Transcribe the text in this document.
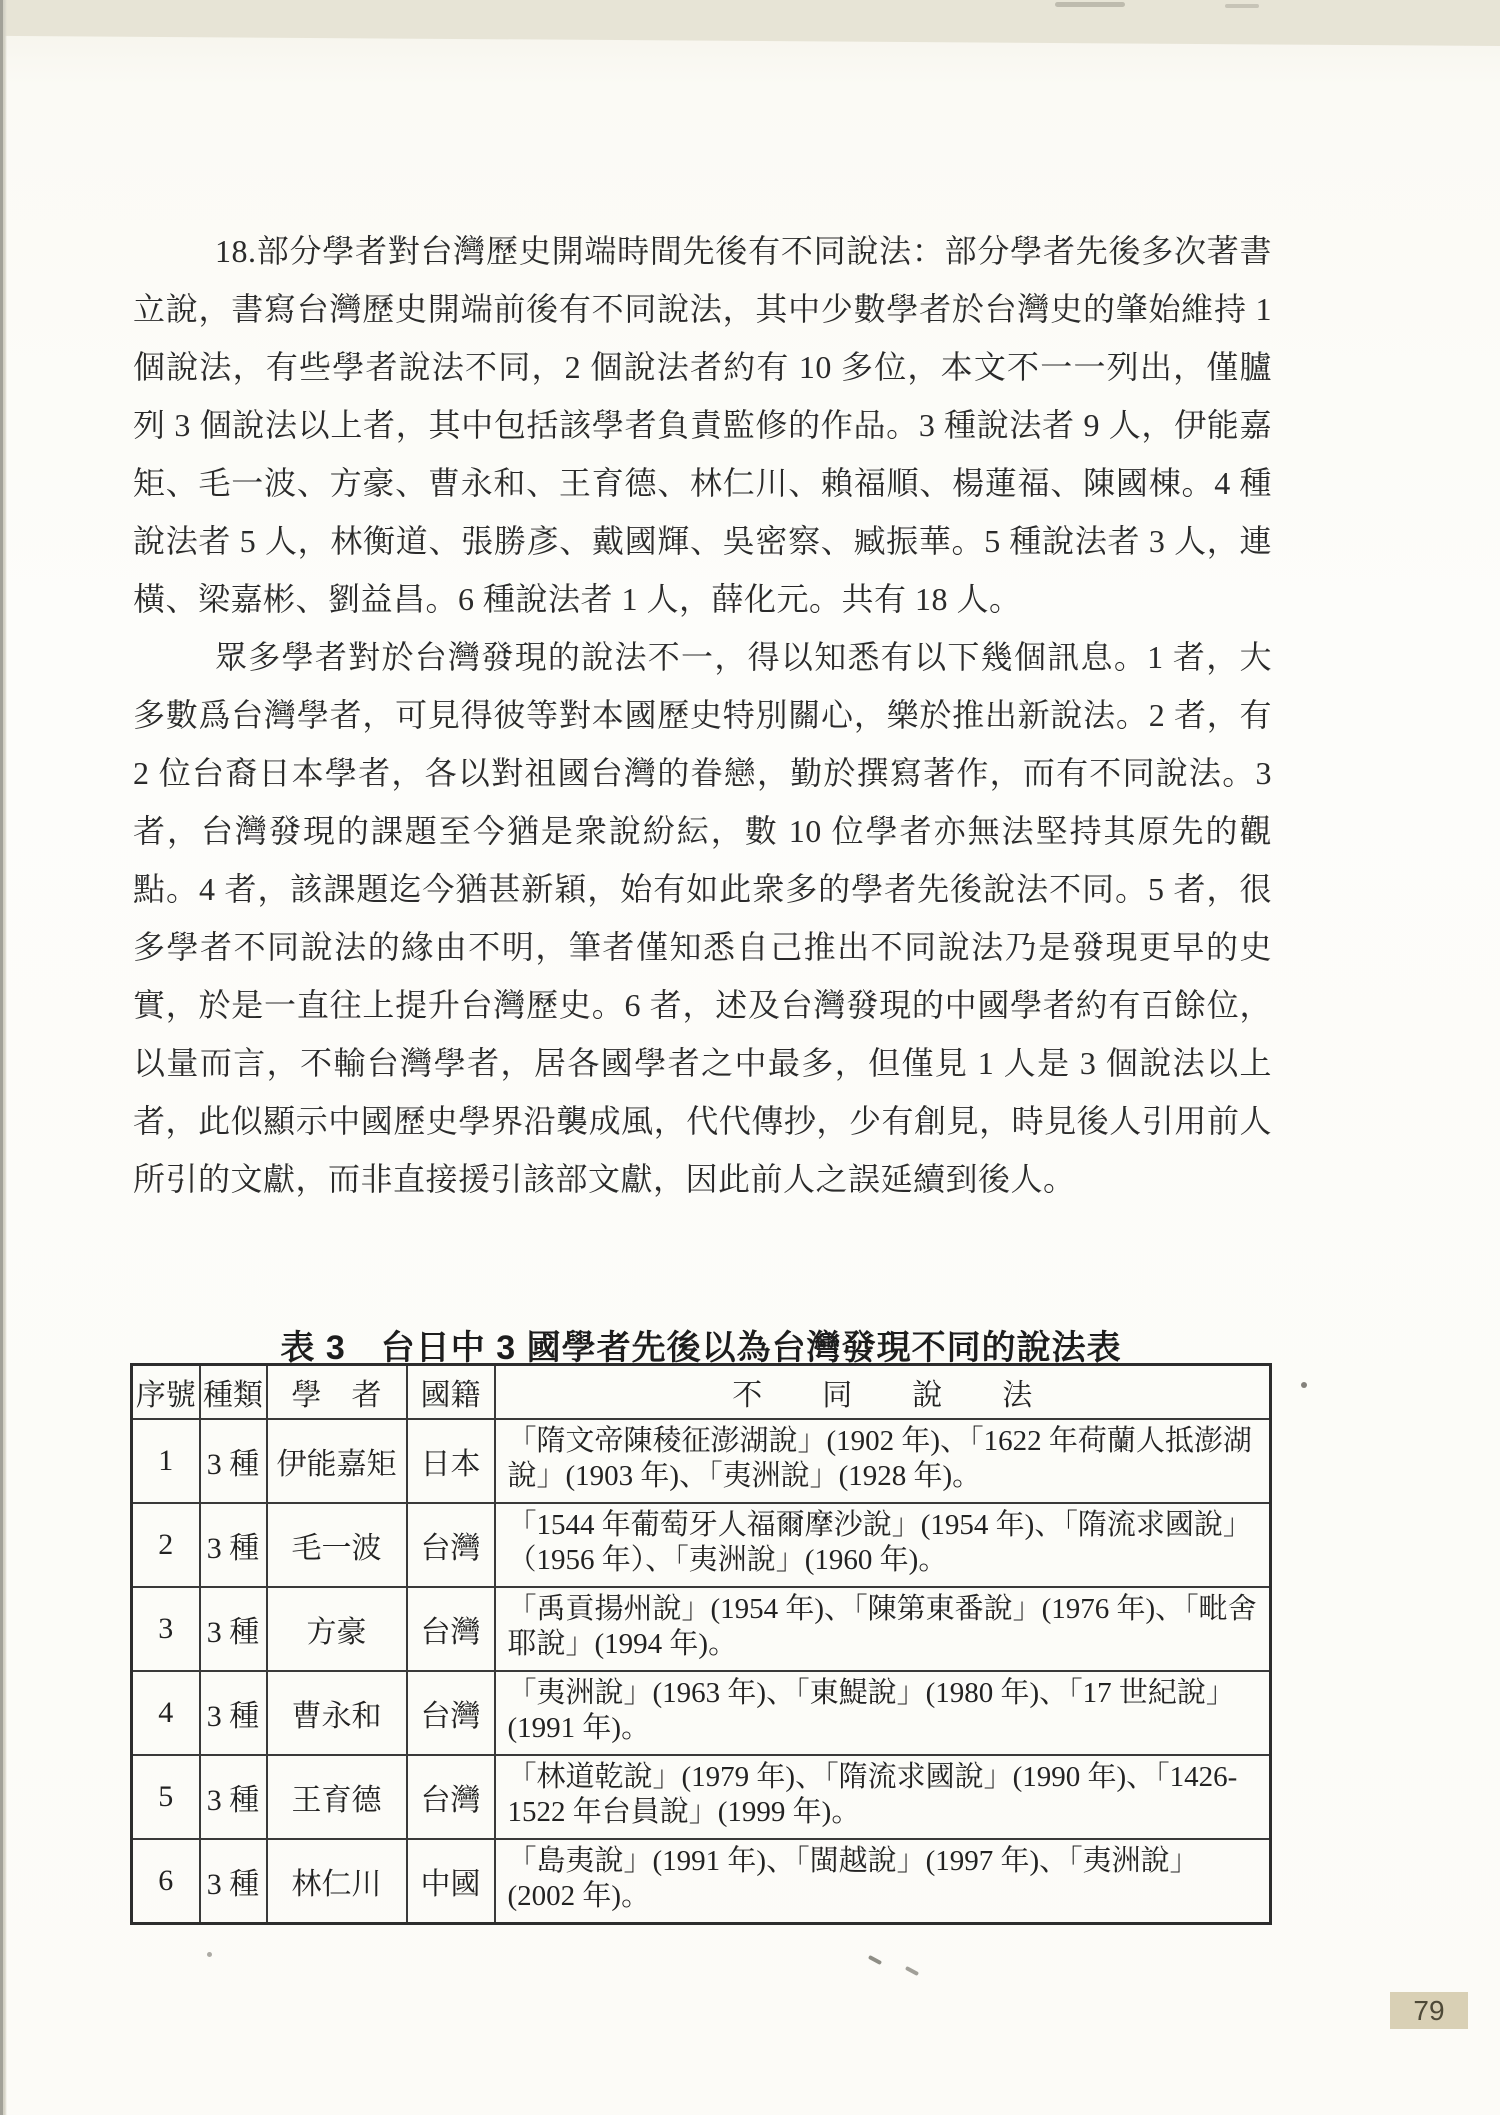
18.部分學者對台灣歷史開端時間先後有不同說法：部分學者先後多次著書立說，書寫台灣歷史開端前後有不同說法，其中少數學者於台灣史的肇始維持 1 個說法，有些學者說法不同，2 個說法者約有 10 多位，本文不一一列出，僅臚列 3 個說法以上者，其中包括該學者負責監修的作品。3 種說法者 9 人，伊能嘉矩、毛一波、方豪、曹永和、王育德、林仁川、賴福順、楊蓮福、陳國棟。4 種說法者 5 人，林衡道、張勝彥、戴國輝、吳密察、臧振華。5 種說法者 3 人，連橫、梁嘉彬、劉益昌。6 種說法者 1 人，薛化元。共有 18 人。

眾多學者對於台灣發現的說法不一，得以知悉有以下幾個訊息。1 者，大多數爲台灣學者，可見得彼等對本國歷史特別關心，樂於推出新說法。2 者，有 2 位台裔日本學者，各以對祖國台灣的眷戀，勤於撰寫著作，而有不同說法。3 者，台灣發現的課題至今猶是衆說紛紜，數 10 位學者亦無法堅持其原先的觀點。4 者，該課題迄今猶甚新穎，始有如此衆多的學者先後說法不同。5 者，很多學者不同說法的緣由不明，筆者僅知悉自己推出不同說法乃是發現更早的史實，於是一直往上提升台灣歷史。6 者，述及台灣發現的中國學者約有百餘位，以量而言，不輸台灣學者，居各國學者之中最多，但僅見 1 人是 3 個說法以上者，此似顯示中國歷史學界沿襲成風，代代傳抄，少有創見，時見後人引用前人所引的文獻，而非直接援引該部文獻，因此前人之誤延續到後人。

表 3　台日中 3 國學者先後以為台灣發現不同的說法表
序號	種類	學　者	國籍	不　　同　　說　　法
1	3 種	伊能嘉矩	日本	「隋文帝陳稜征澎湖說」(1902 年)、「1622 年荷蘭人抵澎湖說」(1903 年)、「夷洲說」(1928 年)。
2	3 種	毛一波	台灣	「1544 年葡萄牙人福爾摩沙說」(1954 年)、「隋流求國說」（1956 年）、「夷洲說」(1960 年)。
3	3 種	方豪	台灣	「禹貢揚州說」(1954 年)、「陳第東番說」(1976 年)、「毗舍耶說」(1994 年)。
4	3 種	曹永和	台灣	「夷洲說」(1963 年)、「東鯷說」(1980 年)、「17 世紀說」(1991 年)。
5	3 種	王育德	台灣	「林道乾說」(1979 年)、「隋流求國說」(1990 年)、「1426-1522 年台員說」(1999 年)。
6	3 種	林仁川	中國	「島夷說」(1991 年)、「閩越說」(1997 年)、「夷洲說」(2002 年)。
79
